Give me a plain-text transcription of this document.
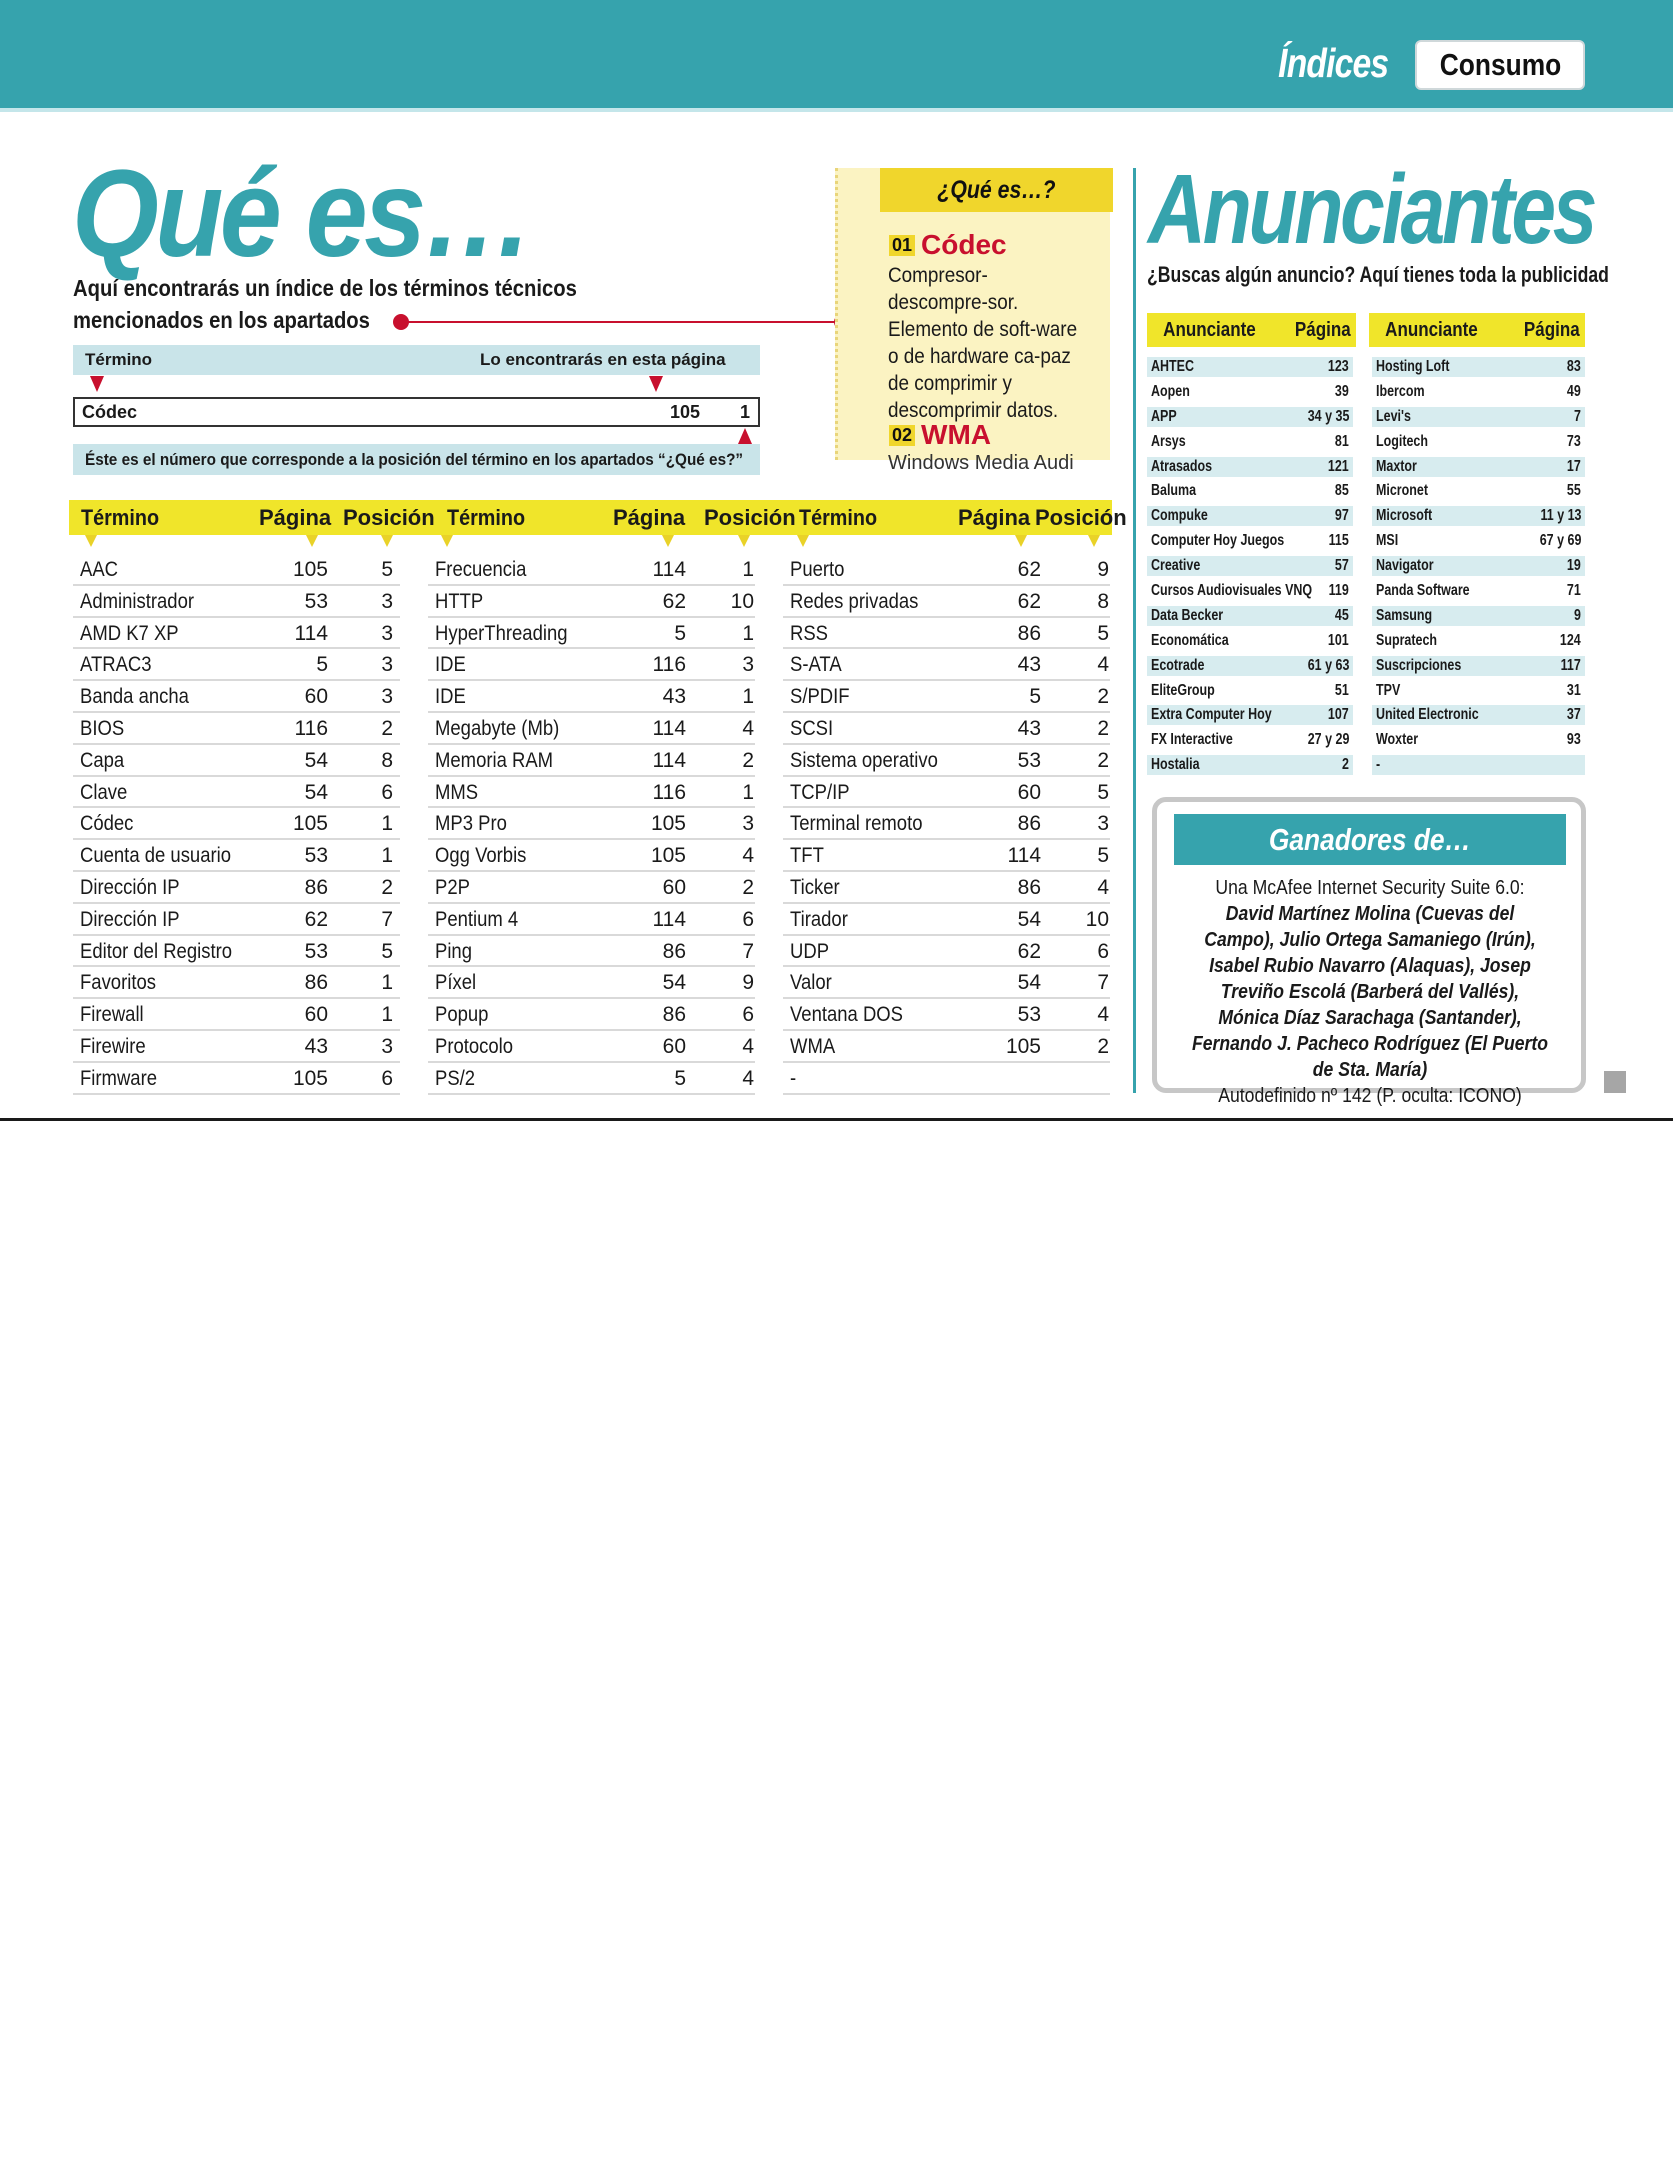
Índices	Consumo
Qué es…
Aquí encontrarás un índice de los términos técnicos mencionados en los apartados
Término	Lo encontrarás en esta página
Códec	105 1
Éste es el número que corresponde a la posición del término en los apartados “¿Qué es?”
¿Qué es…?
01 Códec
Compresor-descompre-sor. Elemento de soft-ware o de hardware ca-paz de comprimir y descomprimir datos.
02 WMA
Windows Media Audi
Término	Página Posición Término	Página Posición Término	Página Posición
AAC	105	5
Administrador	53	3
AMD K7 XP	114	3
ATRAC3	5	3
Banda ancha	60	3
BIOS	116	2
Capa	54	8
Clave	54	6
Códec	105	1
Cuenta de usuario	53	1
Dirección IP	86	2
Dirección IP	62	7
Editor del Registro	53	5
Favoritos	86	1
Firewall	60	1
Firewire	43	3
Firmware	105	6
Frecuencia	114	1
HTTP	62	10
HyperThreading	5	1
IDE	116	3
IDE	43	1
Megabyte (Mb)	114	4
Memoria RAM	114	2
MMS	116	1
MP3 Pro	105	3
Ogg Vorbis	105	4
P2P	60	2
Pentium 4	114	6
Ping	86	7
Píxel	54	9
Popup	86	6
Protocolo	60	4
PS/2	5	4
Puerto	62	9
Redes privadas	62	8
RSS	86	5
S-ATA	43	4
S/PDIF	5	2
SCSI	43	2
Sistema operativo	53	2
TCP/IP	60	5
Terminal remoto	86	3
TFT	114	5
Ticker	86	4
Tirador	54	10
UDP	62	6
Valor	54	7
Ventana DOS	53	4
WMA	105	2
-
Anunciantes
¿Buscas algún anuncio? Aquí tienes toda la publicidad
Anunciante Página Anunciante Página
AHTEC	123
Aopen	39
APP	34 y 35
Arsys	81
Atrasados	121
Baluma	85
Compuke	97
Computer Hoy Juegos	115
Creative	57
Cursos Audiovisuales VNQ 119
Data Becker	45
Economática	101
Ecotrade	61 y 63
EliteGroup	51
Extra Computer Hoy	107
FX Interactive	27 y 29
Hostalia	2
Hosting Loft	83
Ibercom	49
Levi's	7
Logitech	73
Maxtor	17
Micronet	55
Microsoft	11 y 13
MSI	67 y 69
Navigator	19
Panda Software	71
Samsung	9
Supratech	124
Suscripciones	117
TPV	31
United Electronic	37
Woxter	93
-
Ganadores de…

Una McAfee Internet Security Suite 6.0:

David Martínez Molina (Cuevas del Campo), Julio Ortega Samaniego (Irún), Isabel Rubio Navarro (Alaquas), Josep Treviño Escolá (Barberá del Vallés), Mónica Díaz Sarachaga (Santander), Fernando J. Pacheco Rodríguez (El Puerto de Sta. María)

Autodefinido nº 142 (P. oculta: ICONO)
